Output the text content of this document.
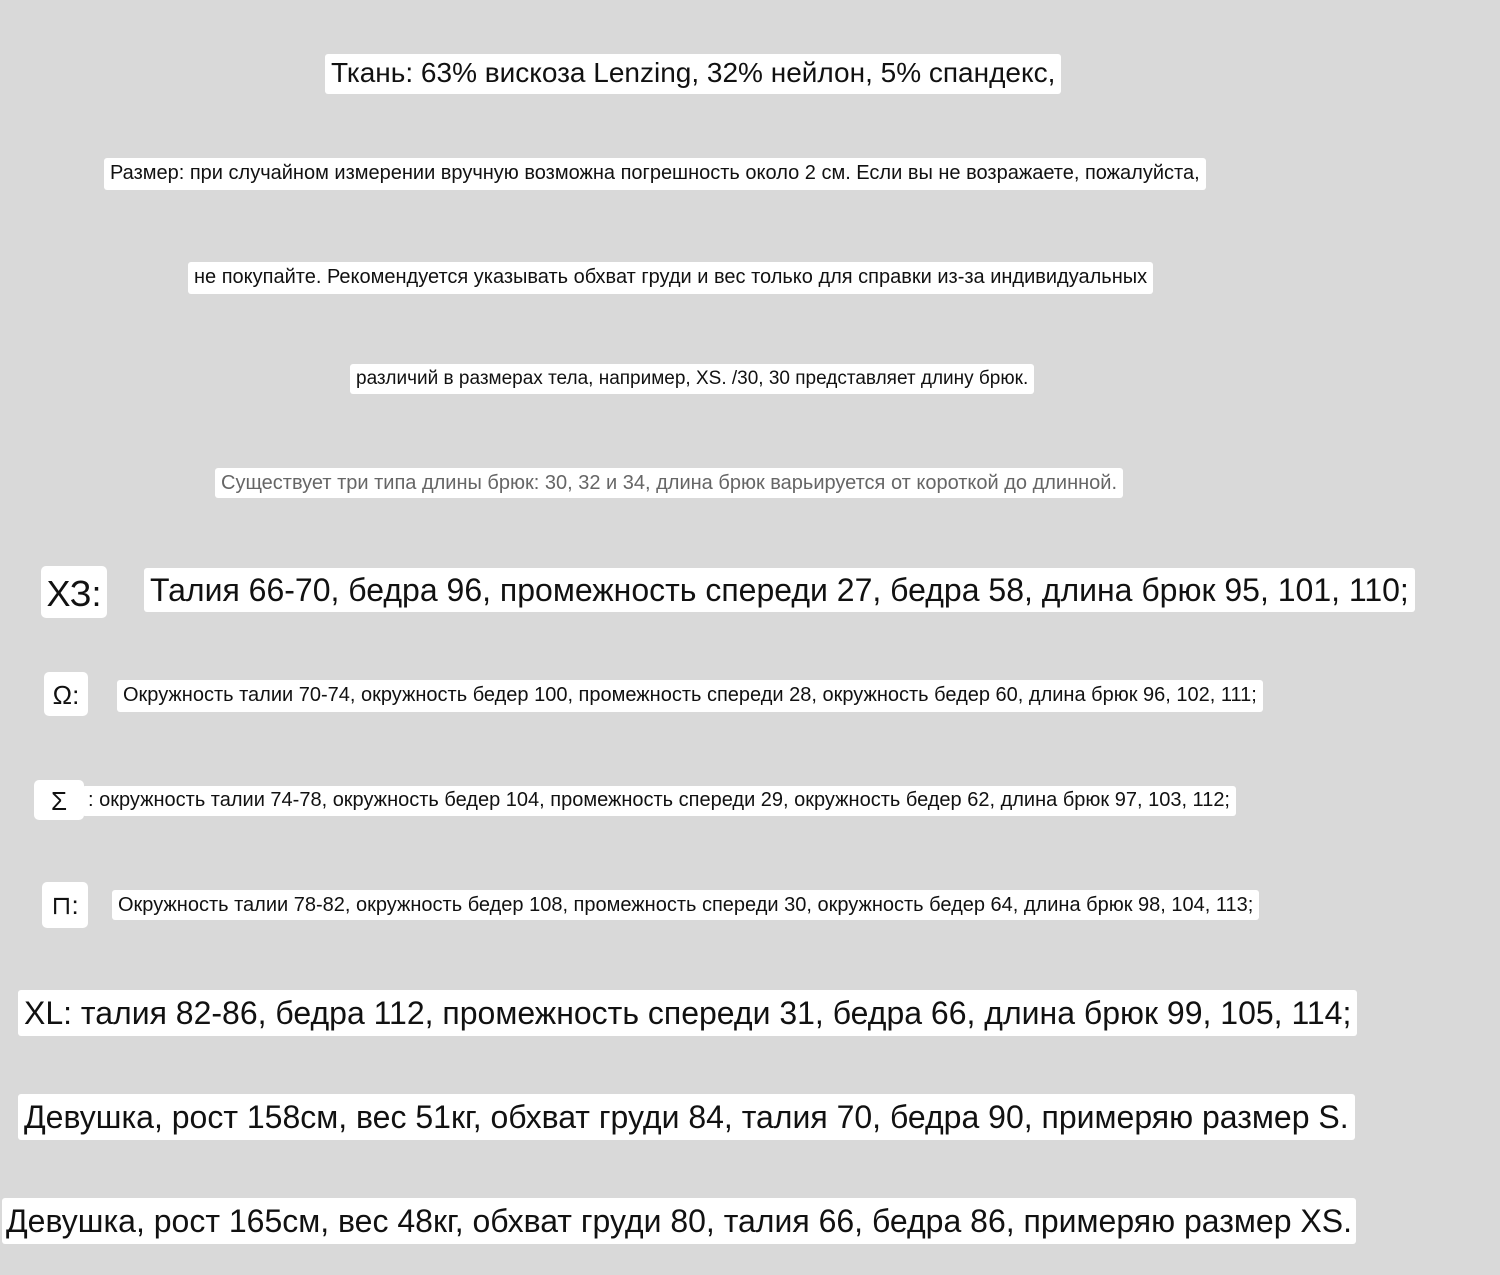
Ткань: 63% вискоза Lenzing, 32% нейлон, 5% спандекс,
Размер: при случайном измерении вручную возможна погрешность около 2 см. Если вы не возражаете, пожалуйста,
не покупайте. Рекомендуется указывать обхват груди и вес только для справки из-за индивидуальных
различий в размерах тела, например, XS. /30, 30 представляет длину брюк.
Существует три типа длины брюк: 30, 32 и 34, длина брюк варьируется от короткой до длинной.
ХЗ: Талия 66-70, бедра 96, промежность спереди 27, бедра 58, длина брюк 95, 101, 110;
Ω:	Окружность талии 70-74, окружность бедер 100, промежность спереди 28, окружность бедер 60, длина брюк 96, 102, 111;
Σ	: окружность талии 74-78, окружность бедер 104, промежность спереди 29, окружность бедер 62, длина брюк 97, 103, 112;
⊓:	Окружность талии 78-82, окружность бедер 108, промежность спереди 30, окружность бедер 64, длина брюк 98, 104, 113;
XL: талия 82-86, бедра 112, промежность спереди 31, бедра 66, длина брюк 99, 105, 114;
Девушка, рост 158см, вес 51кг, обхват груди 84, талия 70, бедра 90, примеряю размер S.
Девушка, рост 165см, вес 48кг, обхват груди 80, талия 66, бедра 86, примеряю размер XS.
